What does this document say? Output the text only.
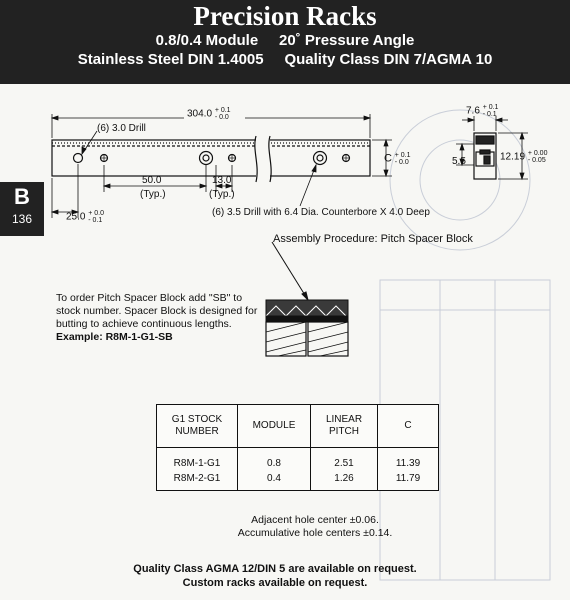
Precision Racks
0.8/0.4 Module     20˚ Pressure Angle
Stainless Steel DIN 1.4005     Quality Class DIN 7/AGMA 10
B
136
304.0 + 0.1
- 0.0
(6) 3.0 Drill
C + 0.1
- 0.0
50.0
(Typ.)
13.0
(Typ.)
25.0 + 0.0
- 0.1
(6) 3.5 Drill with 6.4 Dia. Counterbore X 4.0 Deep
7.6 + 0.1
- 0.1
12.19 + 0.00
- 0.05
5.5
Assembly Procedure: Pitch Spacer Block
To order Pitch Spacer Block add "SB" to stock number. Spacer Block is designed for butting to achieve continuous lengths.
Example: R8M-1-G1-SB
G1 STOCK NUMBER	MODULE	LINEAR PITCH	C
R8M-1-G1	0.8	2.51	11.39
R8M-2-G1	0.4	1.26	11.79
Adjacent hole center ±0.06.
Accumulative hole centers ±0.14.
Quality Class AGMA 12/DIN 5 are available on request.
Custom racks available on request.
